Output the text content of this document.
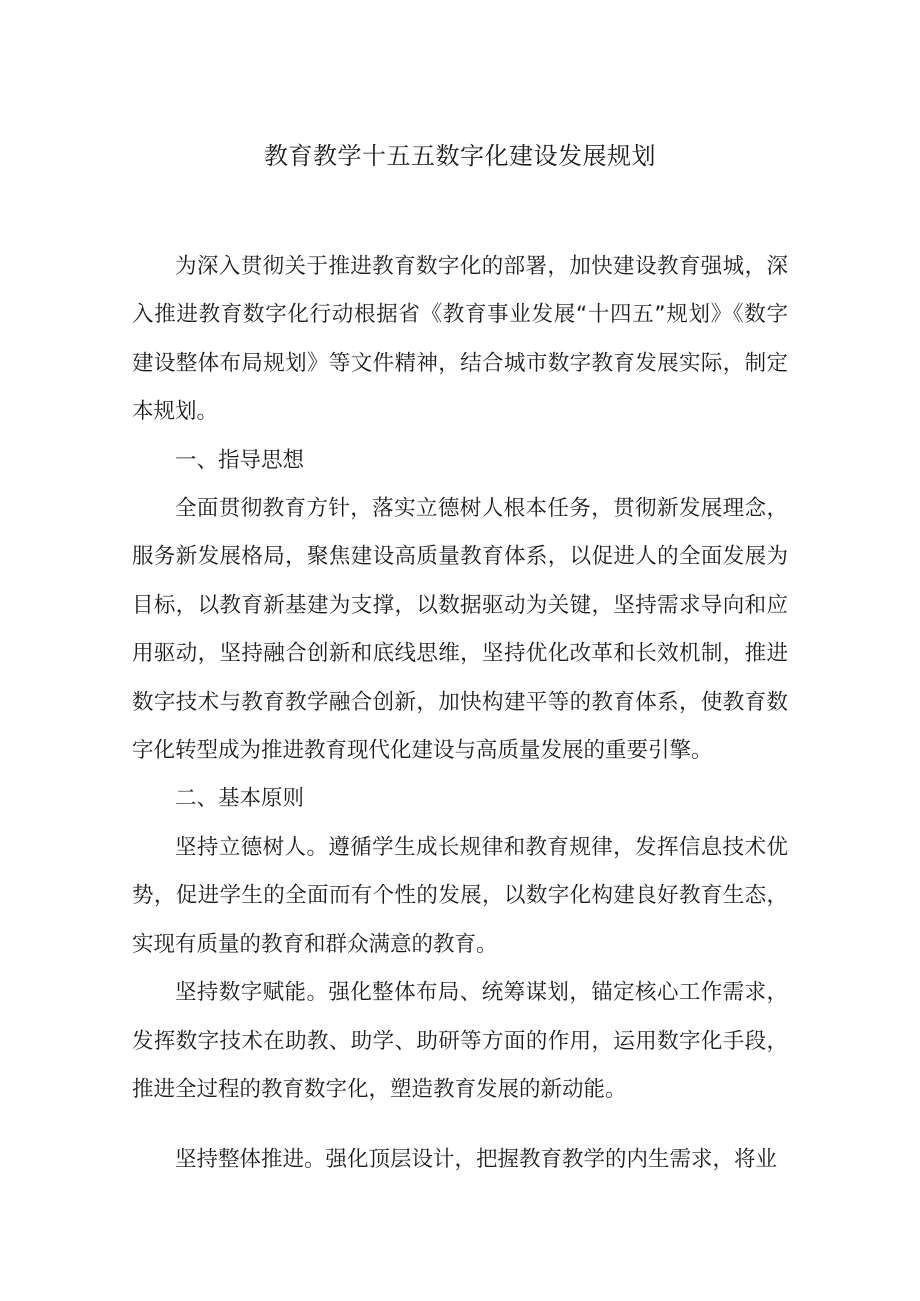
教育教学十五五数字化建设发展规划

为深入贯彻关于推进教育数字化的部署，加快建设教育强城，深入推进教育数字化行动根据省《教育事业发展“十四五”规划》《数字建设整体布局规划》等文件精神，结合城市数字教育发展实际，制定本规划。

一、指导思想

全面贯彻教育方针，落实立德树人根本任务，贯彻新发展理念，服务新发展格局，聚焦建设高质量教育体系，以促进人的全面发展为目标，以教育新基建为支撑，以数据驱动为关键，坚持需求导向和应用驱动，坚持融合创新和底线思维，坚持优化改革和长效机制，推进数字技术与教育教学融合创新，加快构建平等的教育体系，使教育数字化转型成为推进教育现代化建设与高质量发展的重要引擎。

二、基本原则

坚持立德树人。遵循学生成长规律和教育规律，发挥信息技术优势，促进学生的全面而有个性的发展，以数字化构建良好教育生态，实现有质量的教育和群众满意的教育。

坚持数字赋能。强化整体布局、统筹谋划，锚定核心工作需求，发挥数字技术在助教、助学、助研等方面的作用，运用数字化手段，推进全过程的教育数字化，塑造教育发展的新动能。

坚持整体推进。强化顶层设计，把握教育教学的内生需求，将业
